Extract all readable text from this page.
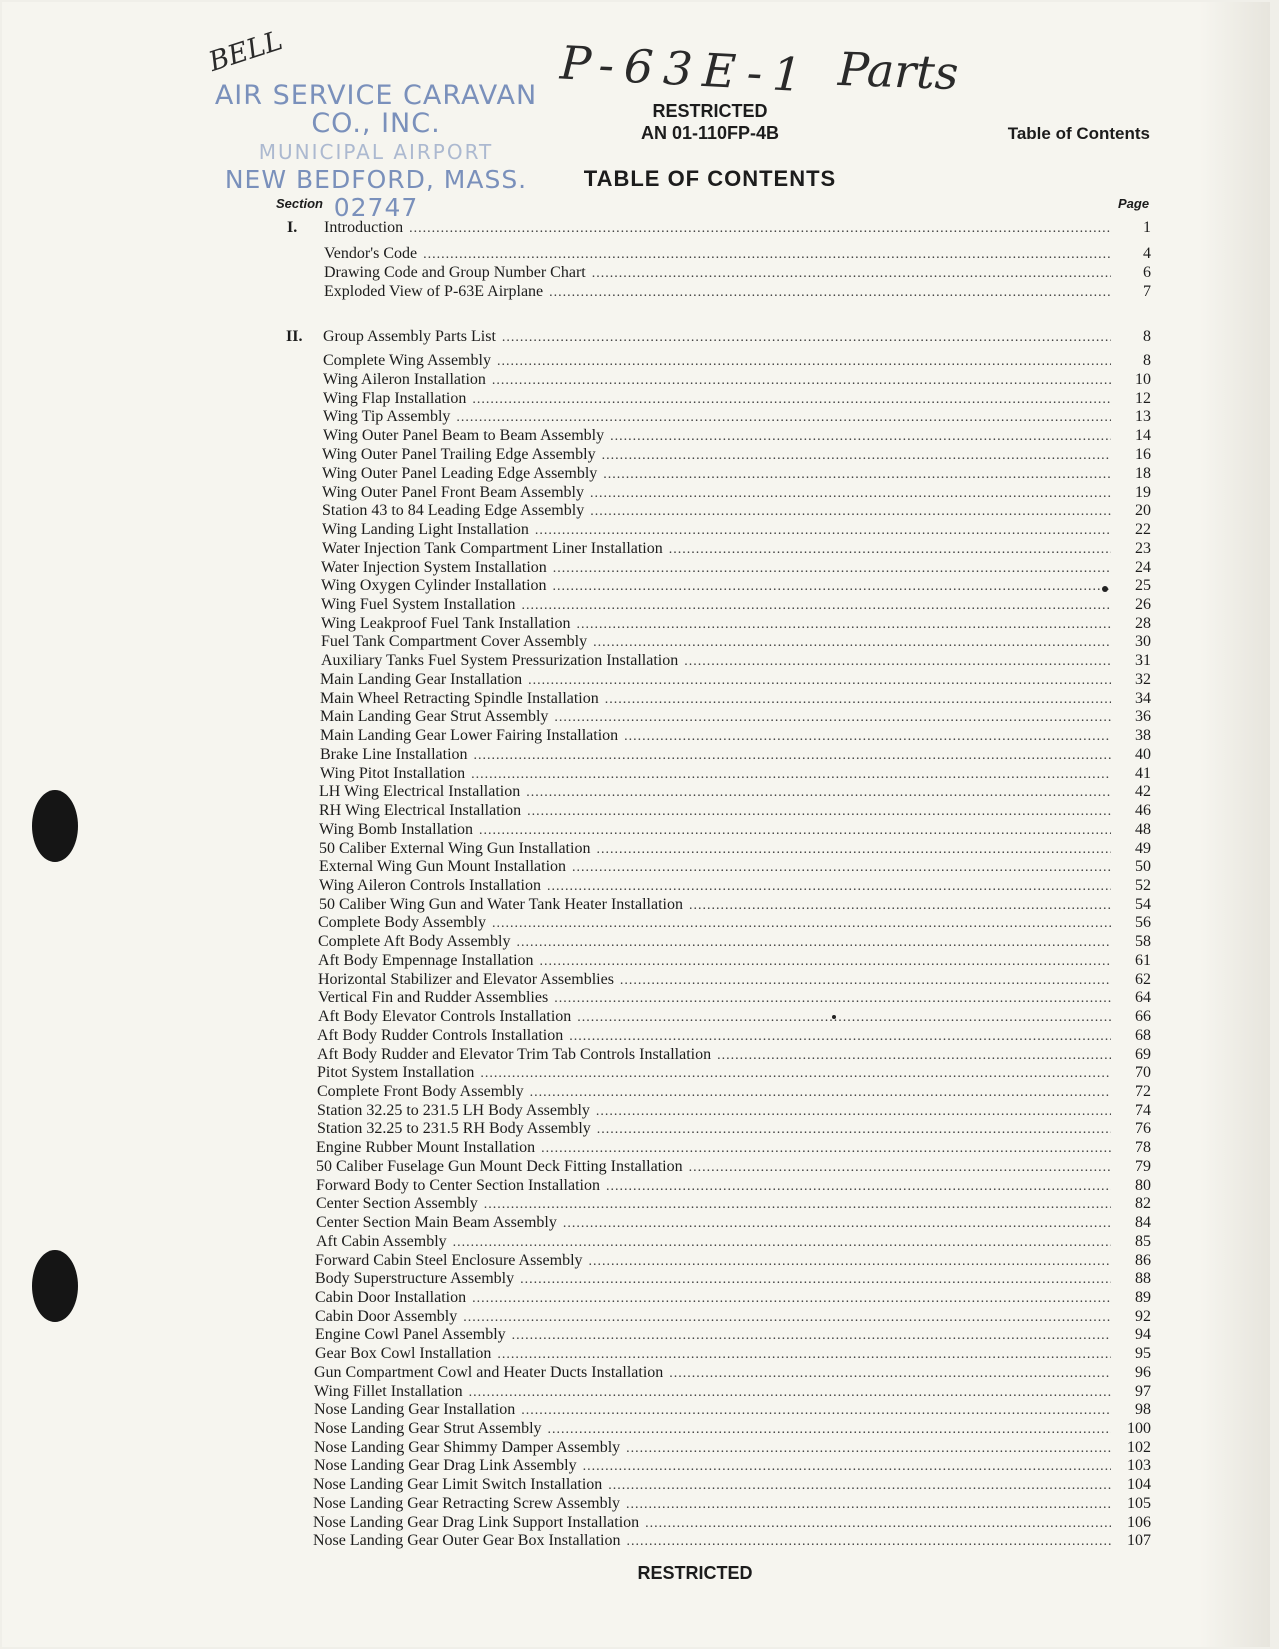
BELL	P-63E-1 Parts
AIR SERVICE CARAVAN CO., INC.
MUNICIPAL AIRPORT
NEW BEDFORD, MASS. 02747
RESTRICTED
AN 01-110FP-4B	Table of Contents
TABLE OF CONTENTS
Section	Page
I. Introduction .....	1
Vendor's Code .....	4
Drawing Code and Group Number Chart .....	6
Exploded View of P-63E Airplane .....	7
II. Group Assembly Parts List .....	8
Complete Wing Assembly .....	8
Wing Aileron Installation .....	10
Wing Flap Installation .....	12
Wing Tip Assembly .....	13
Wing Outer Panel Beam to Beam Assembly .....	14
Wing Outer Panel Trailing Edge Assembly .....	16
Wing Outer Panel Leading Edge Assembly .....	18
Wing Outer Panel Front Beam Assembly .....	19
Station 43 to 84 Leading Edge Assembly .....	20
Wing Landing Light Installation .....	22
Water Injection Tank Compartment Liner Installation .....	23
Water Injection System Installation .....	24
Wing Oxygen Cylinder Installation .....	25
Wing Fuel System Installation .....	26
Wing Leakproof Fuel Tank Installation .....	28
Fuel Tank Compartment Cover Assembly .....	30
Auxiliary Tanks Fuel System Pressurization Installation .....	31
Main Landing Gear Installation .....	32
Main Wheel Retracting Spindle Installation .....	34
Main Landing Gear Strut Assembly .....	36
Main Landing Gear Lower Fairing Installation .....	38
Brake Line Installation .....	40
Wing Pitot Installation .....	41
LH Wing Electrical Installation .....	42
RH Wing Electrical Installation .....	46
Wing Bomb Installation .....	48
50 Caliber External Wing Gun Installation .....	49
External Wing Gun Mount Installation .....	50
Wing Aileron Controls Installation .....	52
50 Caliber Wing Gun and Water Tank Heater Installation .....	54
Complete Body Assembly .....	56
Complete Aft Body Assembly .....	58
Aft Body Empennage Installation .....	61
Horizontal Stabilizer and Elevator Assemblies .....	62
Vertical Fin and Rudder Assemblies .....	64
Aft Body Elevator Controls Installation .....	66
Aft Body Rudder Controls Installation .....	68
Aft Body Rudder and Elevator Trim Tab Controls Installation .....	69
Pitot System Installation .....	70
Complete Front Body Assembly .....	72
Station 32.25 to 231.5 LH Body Assembly .....	74
Station 32.25 to 231.5 RH Body Assembly .....	76
Engine Rubber Mount Installation .....	78
50 Caliber Fuselage Gun Mount Deck Fitting Installation .....	79
Forward Body to Center Section Installation .....	80
Center Section Assembly .....	82
Center Section Main Beam Assembly .....	84
Aft Cabin Assembly .....	85
Forward Cabin Steel Enclosure Assembly .....	86
Body Superstructure Assembly .....	88
Cabin Door Installation .....	89
Cabin Door Assembly .....	92
Engine Cowl Panel Assembly .....	94
Gear Box Cowl Installation .....	95
Gun Compartment Cowl and Heater Ducts Installation .....	96
Wing Fillet Installation .....	97
Nose Landing Gear Installation .....	98
Nose Landing Gear Strut Assembly .....	100
Nose Landing Gear Shimmy Damper Assembly .....	102
Nose Landing Gear Drag Link Assembly .....	103
Nose Landing Gear Limit Switch Installation .....	104
Nose Landing Gear Retracting Screw Assembly .....	105
Nose Landing Gear Drag Link Support Installation .....	106
Nose Landing Gear Outer Gear Box Installation .....	107
RESTRICTED
